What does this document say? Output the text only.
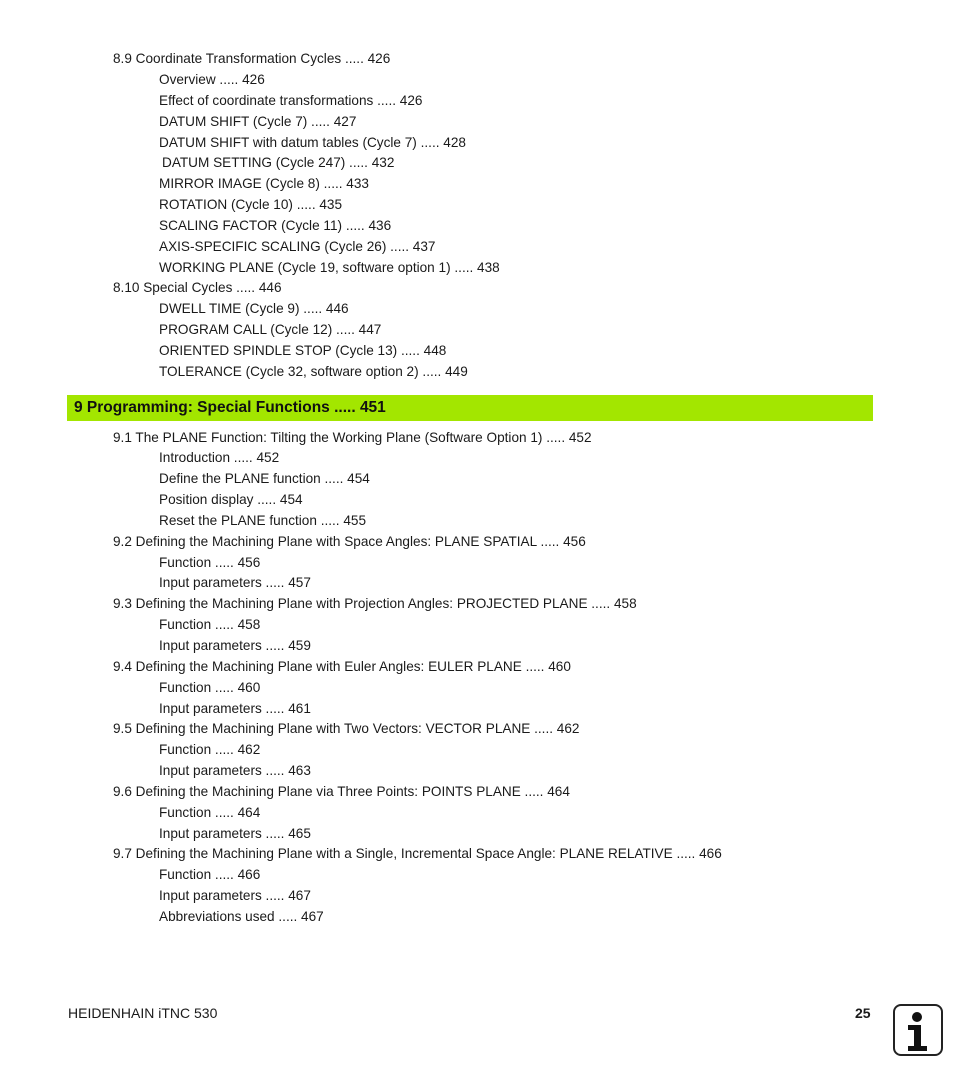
8.9 Coordinate Transformation Cycles ..... 426
Overview ..... 426
Effect of coordinate transformations ..... 426
DATUM SHIFT (Cycle 7) ..... 427
DATUM SHIFT with datum tables (Cycle 7) ..... 428
DATUM SETTING (Cycle 247) ..... 432
MIRROR IMAGE (Cycle 8) ..... 433
ROTATION (Cycle 10) ..... 435
SCALING FACTOR (Cycle 11) ..... 436
AXIS-SPECIFIC SCALING (Cycle 26) ..... 437
WORKING PLANE (Cycle 19, software option 1) ..... 438
8.10 Special Cycles ..... 446
DWELL TIME (Cycle 9) ..... 446
PROGRAM CALL (Cycle 12) ..... 447
ORIENTED SPINDLE STOP (Cycle 13) ..... 448
TOLERANCE (Cycle 32, software option 2) ..... 449
9 Programming: Special Functions ..... 451
9.1 The PLANE Function: Tilting the Working Plane (Software Option 1) ..... 452
Introduction ..... 452
Define the PLANE function ..... 454
Position display ..... 454
Reset the PLANE function ..... 455
9.2 Defining the Machining Plane with Space Angles: PLANE SPATIAL ..... 456
Function ..... 456
Input parameters ..... 457
9.3 Defining the Machining Plane with Projection Angles: PROJECTED PLANE ..... 458
Function ..... 458
Input parameters ..... 459
9.4 Defining the Machining Plane with Euler Angles: EULER PLANE ..... 460
Function ..... 460
Input parameters ..... 461
9.5 Defining the Machining Plane with Two Vectors: VECTOR PLANE ..... 462
Function ..... 462
Input parameters ..... 463
9.6 Defining the Machining Plane via Three Points: POINTS PLANE ..... 464
Function ..... 464
Input parameters ..... 465
9.7 Defining the Machining Plane with a Single, Incremental Space Angle: PLANE RELATIVE ..... 466
Function ..... 466
Input parameters ..... 467
Abbreviations used ..... 467
HEIDENHAIN iTNC 530	25
